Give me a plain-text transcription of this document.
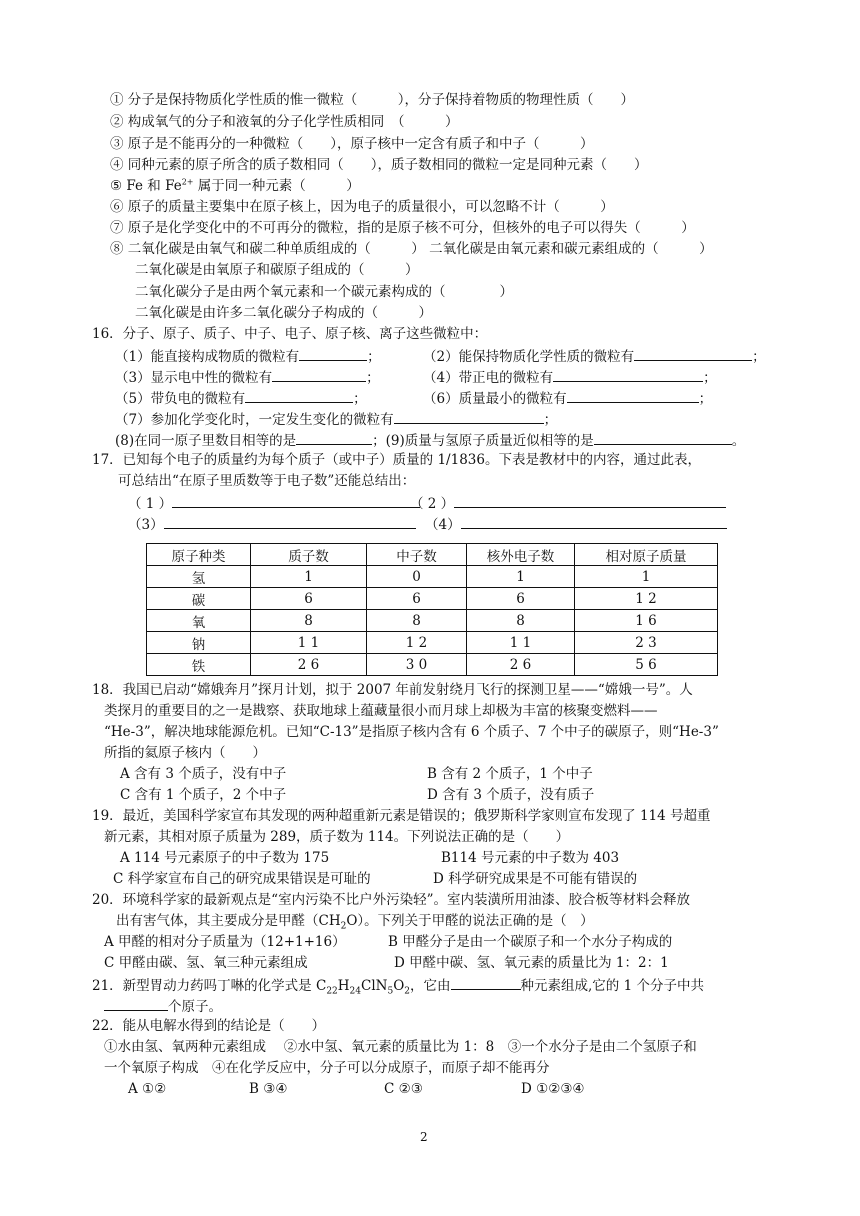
① 分子是保持物质化学性质的惟一微粒（　　　），分子保持着物质的物理性质（　　）
② 构成氧气的分子和液氧的分子化学性质相同　（　　　）
③ 原子是不能再分的一种微粒（　　），原子核中一定含有质子和中子（　　　）
④ 同种元素的原子所含的质子数相同（　　），质子数相同的微粒一定是同种元素（　　）
⑤ Fe 和 $Fe^{2+}$ 属于同一种元素（　　　）
⑥ 原子的质量主要集中在原子核上，因为电子的质量很小，可以忽略不计（　　　）
⑦ 原子是化学变化中的不可再分的微粒，指的是原子核不可分，但核外的电子可以得失（　　　）
⑧ 二氧化碳是由氧气和碳二种单质组成的（　　　） 二氧化碳是由氧元素和碳元素组成的（　　　）
二氧化碳是由氧原子和碳原子组成的（　　　）
二氧化碳分子是由两个氧元素和一个碳元素构成的（　　　　）
二氧化碳是由许多二氧化碳分子构成的（　　　）
16．分子、原子、质子、中子、电子、原子核、离子这些微粒中：
（1）能直接构成物质的微粒有	；	（2）能保持物质化学性质的微粒有	；
（3）显示电中性的微粒有	；	（4）带正电的微粒有	；
（5）带负电的微粒有	；	（6）质量最小的微粒有	；
（7）参加化学变化时，一定发生变化的微粒有	；
(8)在同一原子里数目相等的是	；(9)质量与氢原子质量近似相等的是	。
17．已知每个电子的质量约为每个质子（或中子）质量的 1/1836。下表是教材中的内容，通过此表，
可总结出“在原子里质数等于电子数”还能总结出：
（ 1 ）	（ 2 ）
（3）	（4）
原子种类	质子数	中子数	核外电子数	相对原子质量
氢	1	0	1	1
碳	6	6	6	1 2
氧	8	8	8	1 6
钠	1 1	1 2	1 1	2 3
铁	2 6	3 0	2 6	5 6
18．我国已启动“嫦娥奔月”探月计划，拟于 2007 年前发射绕月飞行的探测卫星——“嫦娥一号”。人
类探月的重要目的之一是戡察、获取地球上蕴藏量很小而月球上却极为丰富的核聚变燃料——
“He-3”，解决地球能源危机。已知“C-13”是指原子核内含有 6 个质子、7 个中子的碳原子，则“He-3”
所指的氦原子核内（　　）
A 含有 3 个质子，没有中子	B 含有 2 个质子，1 个中子
C 含有 1 个质子，2 个中子	D 含有 3 个质子，没有质子
19．最近，美国科学家宣布其发现的两种超重新元素是错误的；俄罗斯科学家则宣布发现了 114 号超重
新元素，其相对原子质量为 289，质子数为 114。下列说法正确的是（　　）
A 114 号元素原子的中子数为 175	B114 号元素的中子数为 403
C 科学家宣布自己的研究成果错误是可耻的	D 科学研究成果是不可能有错误的
20．环境科学家的最新观点是“室内污染不比户外污染轻”。室内装潢所用油漆、胶合板等材料会释放
出有害气体，其主要成分是甲醛$(CH_2O)$。下列关于甲醛的说法正确的是（　）
A 甲醛的相对分子质量为（12+1+16）	B 甲醛分子是由一个碳原子和一个水分子构成的
C 甲醛由碳、氢、氧三种元素组成	D 甲醛中碳、氢、氧元素的质量比为 1：2：1
21．新型胃动力药吗丁啉的化学式是 $C_{22}H_{24}ClN_5O_2$，它由	种元素组成,它的 1 个分子中共
个原子。
22．能从电解水得到的结论是（　　）
①水由氢、氧两种元素组成　 ②水中氢、氧元素的质量比为 1：8　③一个水分子是由二个氢原子和
一个氧原子构成　④在化学反应中，分子可以分成原子，而原子却不能再分
A ①②	B ③④	C ②③	D ①②③④
2
